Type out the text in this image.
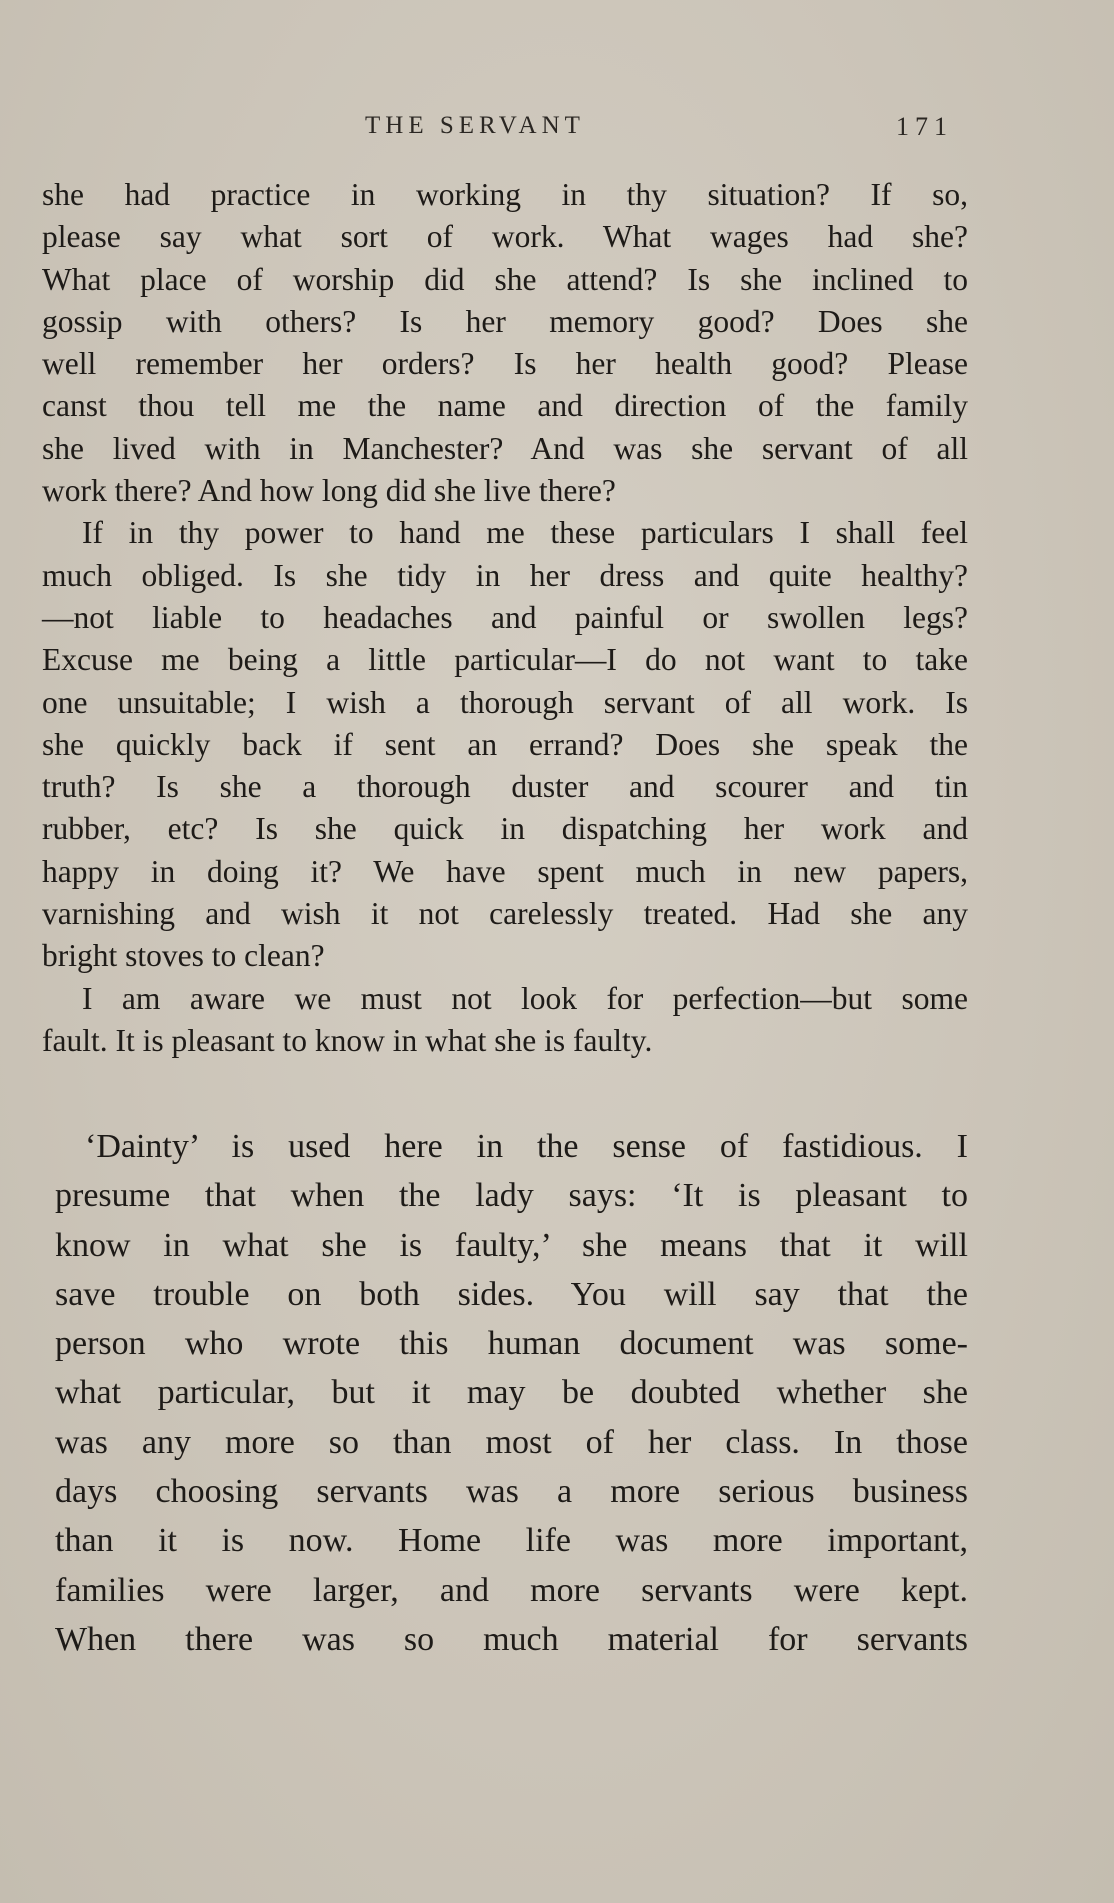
THE SERVANT	171
she had practice in working in thy situation? If so,
please say what sort of work. What wages had she?
What place of worship did she attend? Is she inclined to
gossip with others? Is her memory good? Does she
well remember her orders? Is her health good? Please
canst thou tell me the name and direction of the family
she lived with in Manchester? And was she servant of all
work there? And how long did she live there?
If in thy power to hand me these particulars I shall feel
much obliged. Is she tidy in her dress and quite healthy?
—not liable to headaches and painful or swollen legs?
Excuse me being a little particular—I do not want to take
one unsuitable; I wish a thorough servant of all work. Is
she quickly back if sent an errand? Does she speak the
truth? Is she a thorough duster and scourer and tin
rubber, etc? Is she quick in dispatching her work and
happy in doing it? We have spent much in new papers,
varnishing and wish it not carelessly treated. Had she any
bright stoves to clean?
I am aware we must not look for perfection—but some
fault. It is pleasant to know in what she is faulty.
‘Dainty’ is used here in the sense of fastidious. I
presume that when the lady says: ‘It is pleasant to
know in what she is faulty,’ she means that it will
save trouble on both sides. You will say that the
person who wrote this human document was some-
what particular, but it may be doubted whether she
was any more so than most of her class. In those
days choosing servants was a more serious business
than it is now. Home life was more important,
families were larger, and more servants were kept.
When there was so much material for servants
